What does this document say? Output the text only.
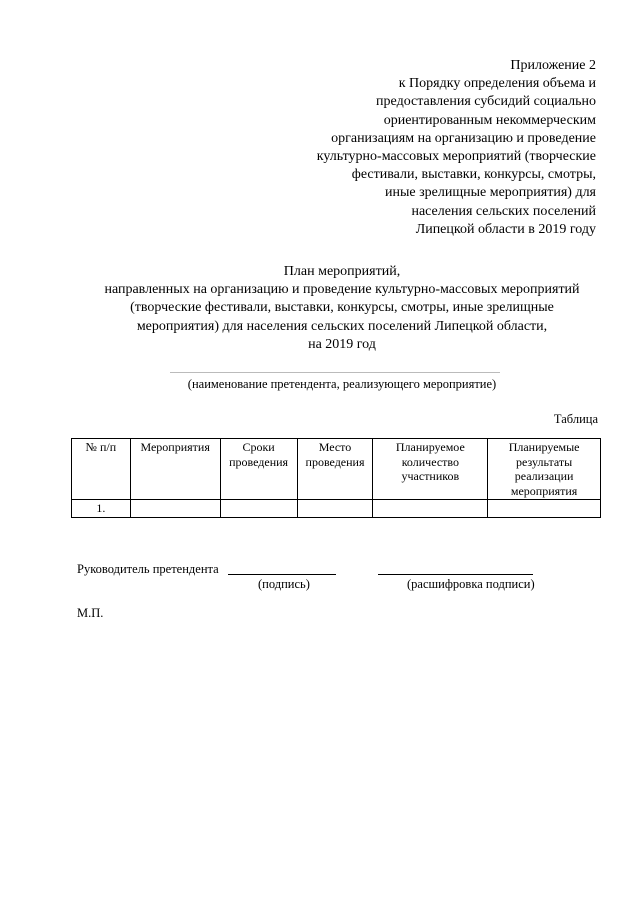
Приложение 2
к Порядку определения объема и
предоставления субсидий социально
ориентированным некоммерческим
организациям на организацию и проведение
культурно-массовых мероприятий (творческие
фестивали, выставки, конкурсы, смотры,
иные зрелищные мероприятия) для
населения сельских поселений
Липецкой области в 2019 году
План мероприятий,
направленных на организацию и проведение культурно-массовых мероприятий
(творческие фестивали, выставки, конкурсы, смотры, иные зрелищные
мероприятия) для населения сельских поселений Липецкой области,
на 2019 год
(наименование претендента, реализующего мероприятие)
Таблица
№ п/п	Мероприятия	Сроки проведения	Место проведения	Планируемое количество участников	Планируемые результаты реализации мероприятия
1.					
Руководитель претендента
(подпись)	(расшифровка подписи)
М.П.
